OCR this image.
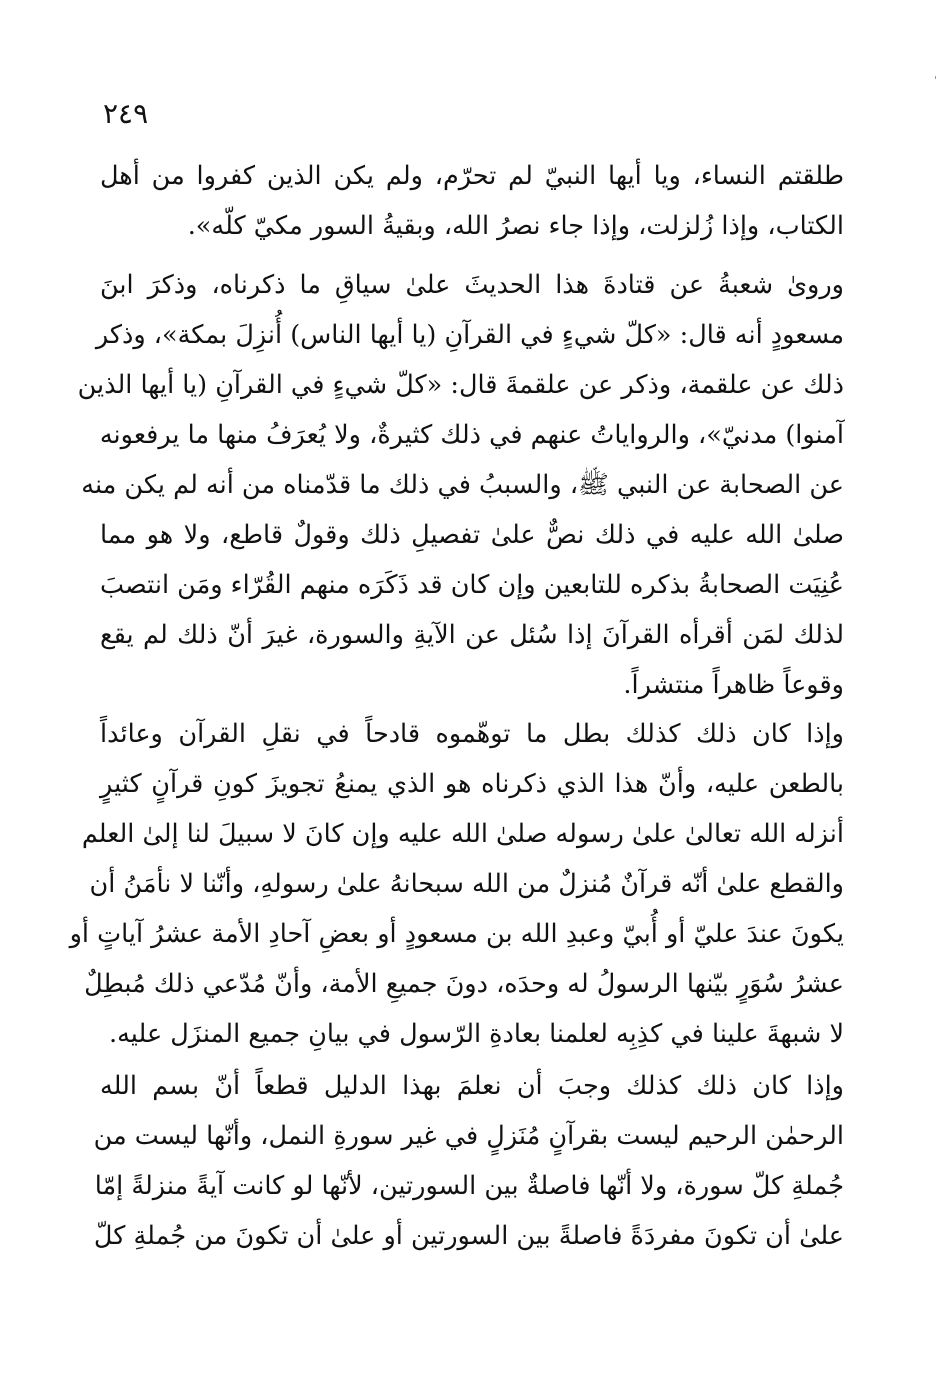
٢٤٩
طلقتم النساء، ويا أيها النبيّ لم تحرّم، ولم يكن الذين كفروا من أهل
الكتاب، وإذا زُلزلت، وإذا جاء نصرُ الله، وبقيةُ السور مكيّ كلّه».
وروىٰ شعبةُ عن قتادةَ هذا الحديثَ علىٰ سياقِ ما ذكرناه، وذكرَ ابنَ
مسعودٍ أنه قال: «كلّ شيءٍ في القرآنِ (يا أيها الناس) أُنزِلَ بمكة»، وذكر
ذلك عن علقمة، وذكر عن علقمةَ قال: «كلّ شيءٍ في القرآنِ (يا أيها الذين
آمنوا) مدنيّ»، والرواياتُ عنهم في ذلك كثيرةٌ، ولا يُعرَفُ منها ما يرفعونه
عن الصحابة عن النبي ﷺ، والسببُ في ذلك ما قدّمناه من أنه لم يكن منه
صلىٰ الله عليه في ذلك نصٌّ علىٰ تفصيلِ ذلك وقولٌ قاطع، ولا هو مما
عُنِيَت الصحابةُ بذكره للتابعين وإن كان قد ذَكَرَه منهم القُرّاء ومَن انتصبَ
لذلك لمَن أقرأه القرآنَ إذا سُئل عن الآيةِ والسورة، غيرَ أنّ ذلك لم يقع
وقوعاً ظاهراً منتشراً.
وإذا كان ذلك كذلك بطل ما توهّموه قادحاً في نقلِ القرآن وعائداً
بالطعن عليه، وأنّ هذا الذي ذكرناه هو الذي يمنعُ تجويزَ كونِ قرآنٍ كثيرٍ
أنزله الله تعالىٰ علىٰ رسوله صلىٰ الله عليه وإن كانَ لا سبيلَ لنا إلىٰ العلم
والقطع علىٰ أنّه قرآنٌ مُنزلٌ من الله سبحانهُ علىٰ رسولهِ، وأنّنا لا نأمَنُ أن
يكونَ عندَ عليّ أو أُبيّ وعبدِ الله بن مسعودٍ أو بعضِ آحادِ الأمة عشرُ آياتٍ أو
عشرُ سُوَرٍ بيّنها الرسولُ له وحدَه، دونَ جميعِ الأمة، وأنّ مُدّعي ذلك مُبطِلٌ
لا شبهةَ علينا في كذِبِه لعلمنا بعادةِ الرّسول في بيانِ جميع المنزَل عليه.
وإذا كان ذلك كذلك وجبَ أن نعلمَ بهذا الدليل قطعاً أنّ بسم الله
الرحمٰن الرحيم ليست بقرآنٍ مُنَزلٍ في غير سورةِ النمل، وأنّها ليست من
جُملةِ كلّ سورة، ولا أنّها فاصلةٌ بين السورتين، لأنّها لو كانت آيةً منزلةً إمّا
علىٰ أن تكونَ مفردَةً فاصلةً بين السورتين أو علىٰ أن تكونَ من جُملةِ كلّ
